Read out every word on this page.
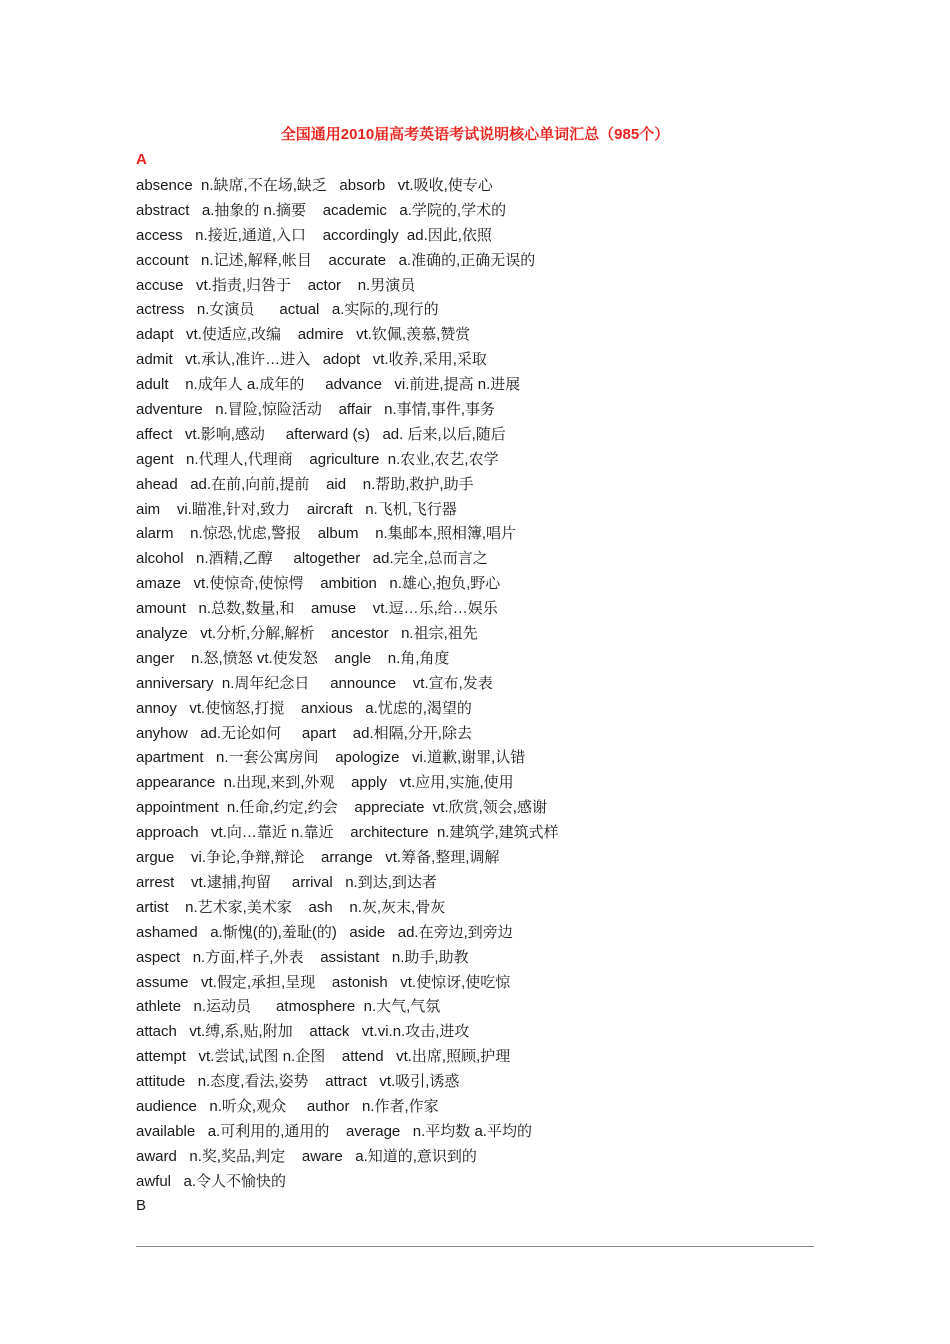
全国通用2010届高考英语考试说明核心单词汇总（985个）
A
absence  n.缺席,不在场,缺乏   absorb   vt.吸收,使专心
abstract   a.抽象的 n.摘要    academic   a.学院的,学术的
access   n.接近,通道,入口    accordingly  ad.因此,依照
account   n.记述,解释,帐目    accurate   a.准确的,正确无误的
accuse   vt.指责,归咎于    actor    n.男演员
actress   n.女演员      actual   a.实际的,现行的
adapt   vt.使适应,改编    admire   vt.钦佩,羡慕,赞赏
admit   vt.承认,准许…进入   adopt   vt.收养,采用,采取
adult    n.成年人 a.成年的     advance   vi.前进,提高 n.进展
adventure   n.冒险,惊险活动    affair   n.事情,事件,事务
affect   vt.影响,感动     afterward (s)   ad. 后来,以后,随后
agent   n.代理人,代理商    agriculture  n.农业,农艺,农学
ahead   ad.在前,向前,提前    aid    n.帮助,救护,助手
aim    vi.瞄准,针对,致力    aircraft   n.飞机,飞行器
alarm    n.惊恐,忧虑,警报    album    n.集邮本,照相簿,唱片
alcohol   n.酒精,乙醇     altogether   ad.完全,总而言之
amaze   vt.使惊奇,使惊愕    ambition   n.雄心,抱负,野心
amount   n.总数,数量,和    amuse    vt.逗…乐,给…娱乐
analyze   vt.分析,分解,解析    ancestor   n.祖宗,祖先
anger    n.怒,愤怒 vt.使发怒    angle    n.角,角度
anniversary  n.周年纪念日     announce    vt.宣布,发表
annoy   vt.使恼怒,打搅    anxious   a.忧虑的,渴望的
anyhow   ad.无论如何     apart    ad.相隔,分开,除去
apartment   n.一套公寓房间    apologize   vi.道歉,谢罪,认错
appearance  n.出现,来到,外观    apply   vt.应用,实施,使用
appointment  n.任命,约定,约会    appreciate  vt.欣赏,领会,感谢
approach   vt.向…靠近 n.靠近    architecture  n.建筑学,建筑式样
argue    vi.争论,争辩,辩论    arrange   vt.筹备,整理,调解
arrest    vt.逮捕,拘留     arrival   n.到达,到达者
artist    n.艺术家,美术家    ash    n.灰,灰末,骨灰
ashamed   a.惭愧(的),羞耻(的)   aside   ad.在旁边,到旁边
aspect   n.方面,样子,外表    assistant   n.助手,助教
assume   vt.假定,承担,呈现    astonish   vt.使惊讶,使吃惊
athlete   n.运动员      atmosphere  n.大气,气氛
attach   vt.缚,系,贴,附加    attack   vt.vi.n.攻击,进攻
attempt   vt.尝试,试图 n.企图    attend   vt.出席,照顾,护理
attitude   n.态度,看法,姿势    attract   vt.吸引,诱惑
audience   n.听众,观众     author   n.作者,作家
available   a.可利用的,通用的    average   n.平均数 a.平均的
award   n.奖,奖品,判定    aware   a.知道的,意识到的
awful   a.令人不愉快的
B
